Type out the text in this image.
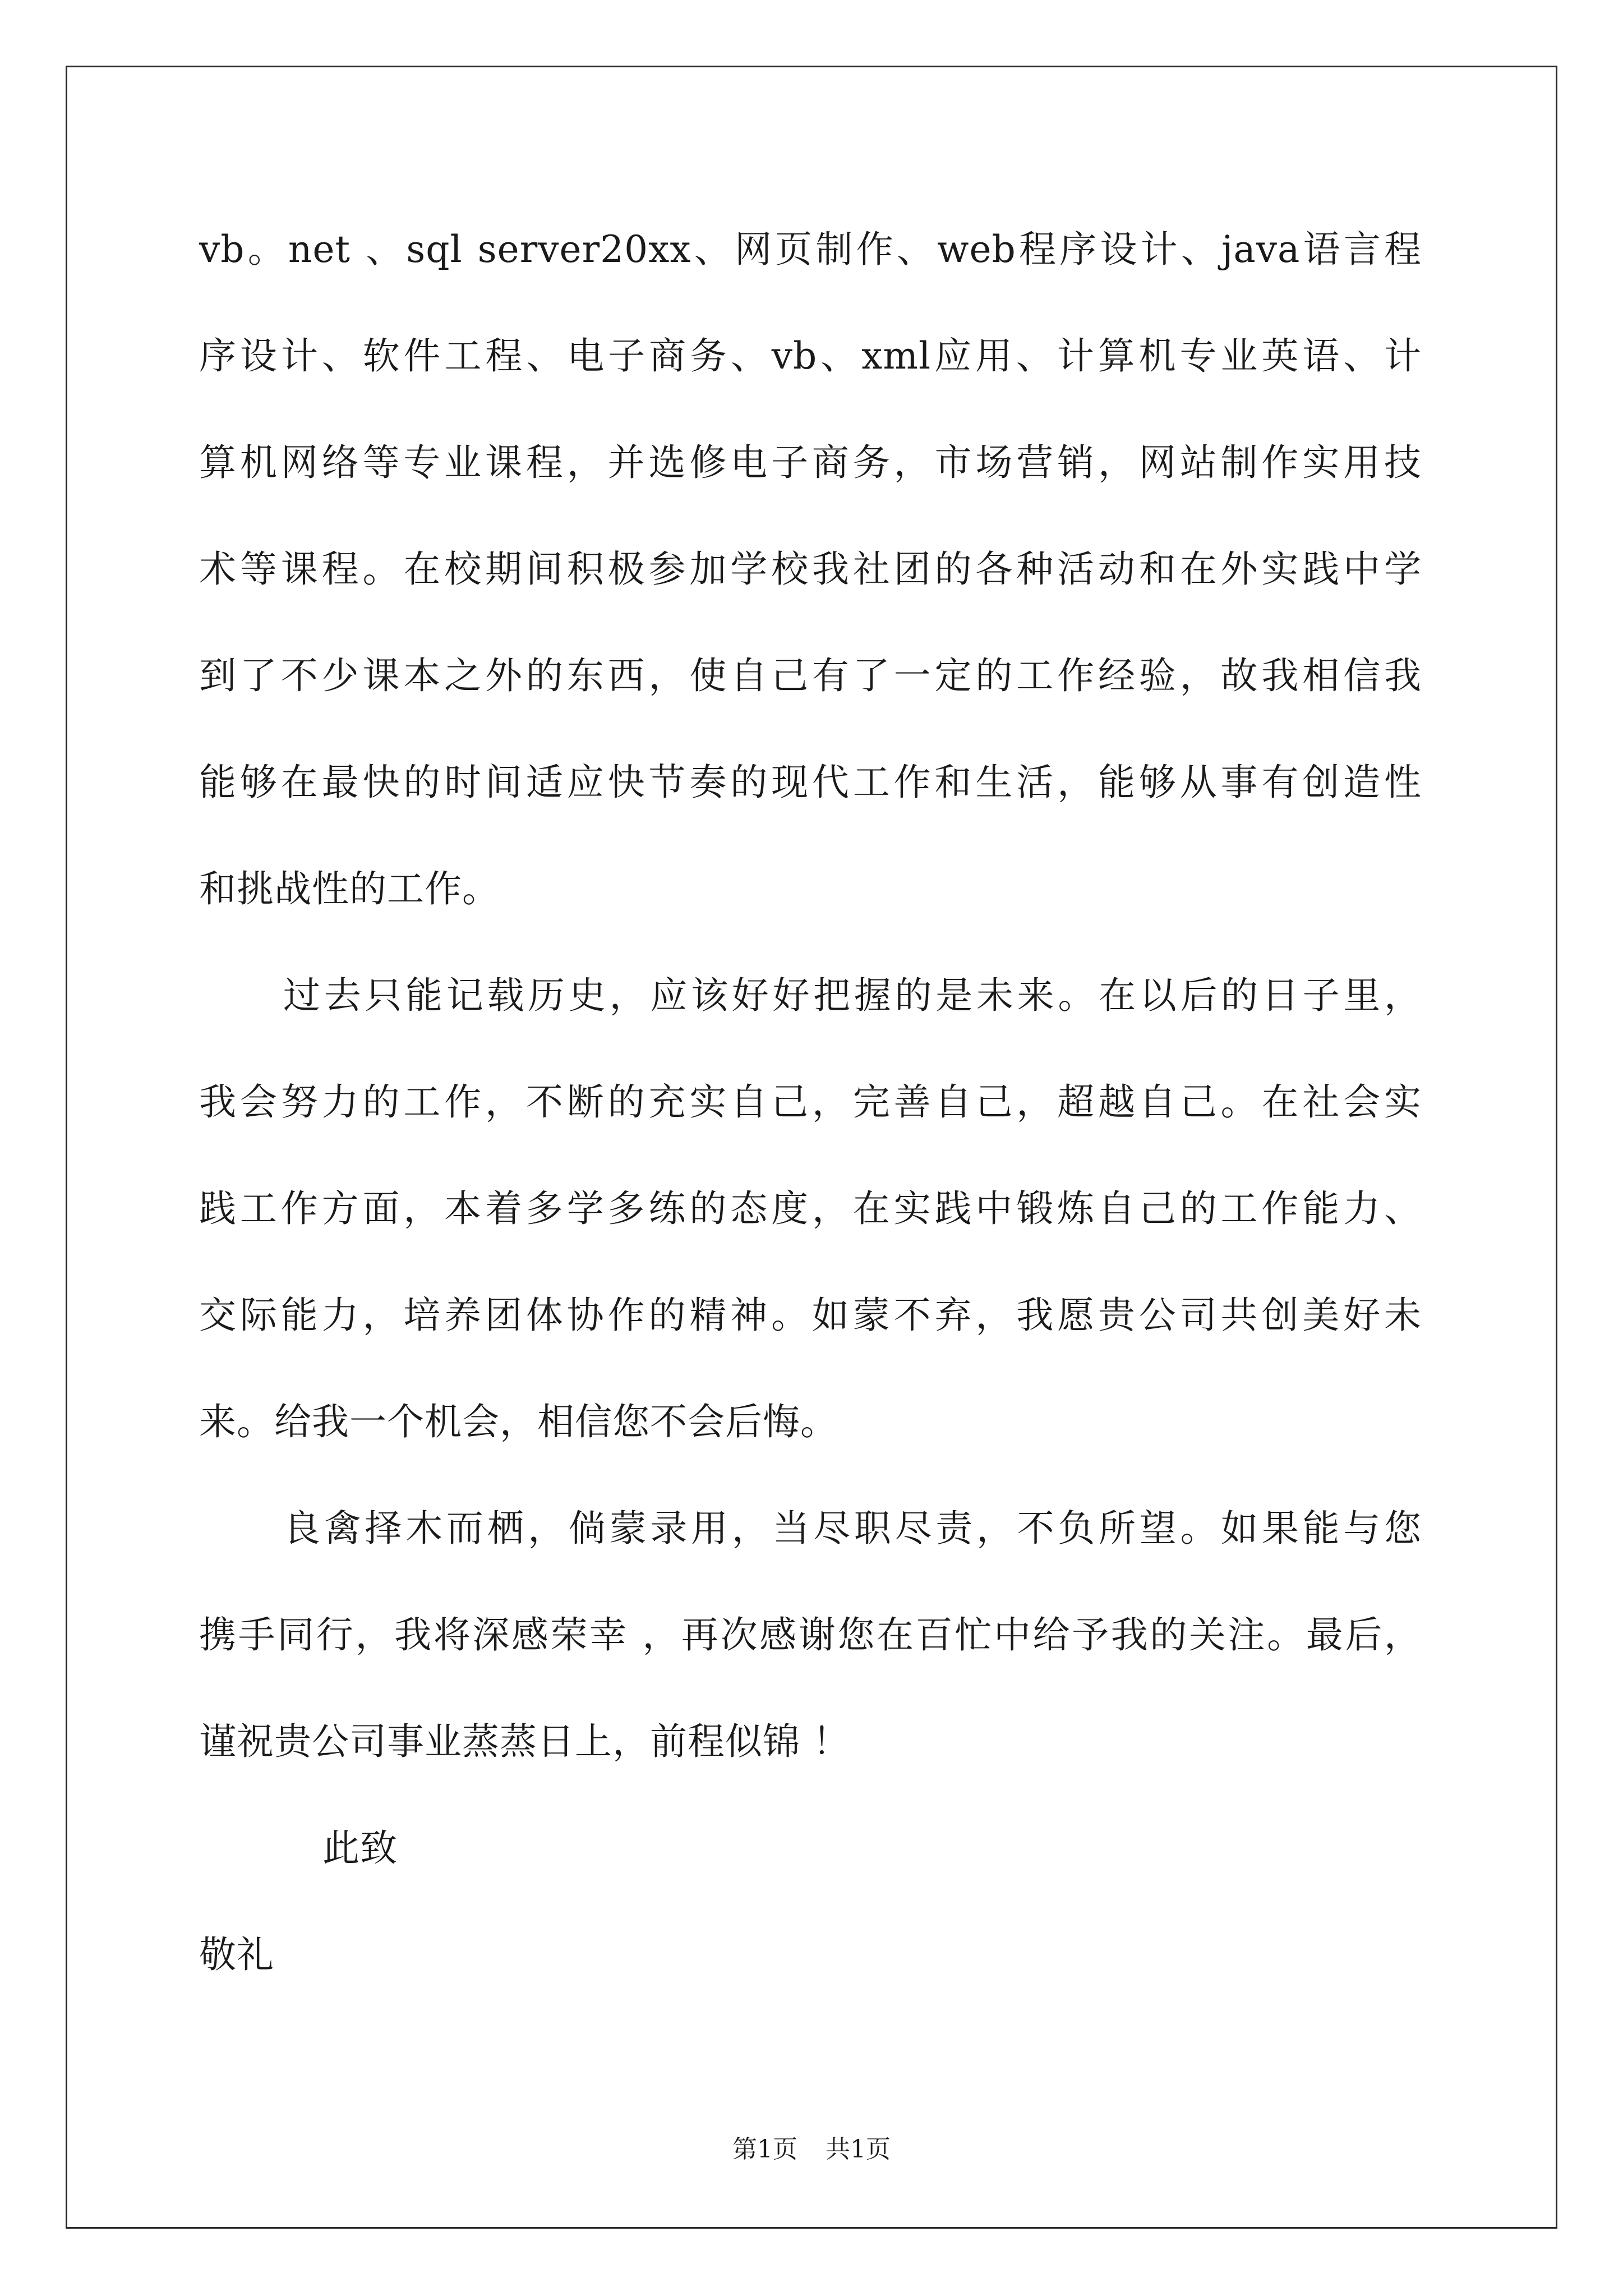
vb。net 、sql server20xx、网页制作、web程序设计、java语言程
序设计、软件工程、电子商务、vb、xml应用、计算机专业英语、计
算机网络等专业课程，并选修电子商务，市场营销，网站制作实用技
术等课程。在校期间积极参加学校我社团的各种活动和在外实践中学
到了不少课本之外的东西，使自己有了一定的工作经验，故我相信我
能够在最快的时间适应快节奏的现代工作和生活，能够从事有创造性
和挑战性的工作。
过去只能记载历史，应该好好把握的是未来。在以后的日子里，
我会努力的工作，不断的充实自己，完善自己，超越自己。在社会实
践工作方面，本着多学多练的态度，在实践中锻炼自己的工作能力、
交际能力，培养团体协作的精神。如蒙不弃，我愿贵公司共创美好未
来。给我一个机会，相信您不会后悔。
良禽择木而栖，倘蒙录用，当尽职尽责，不负所望。如果能与您
携手同行，我将深感荣幸 ，再次感谢您在百忙中给予我的关注。最后，
谨祝贵公司事业蒸蒸日上，前程似锦 ！
此致
敬礼
第1页 共1页
